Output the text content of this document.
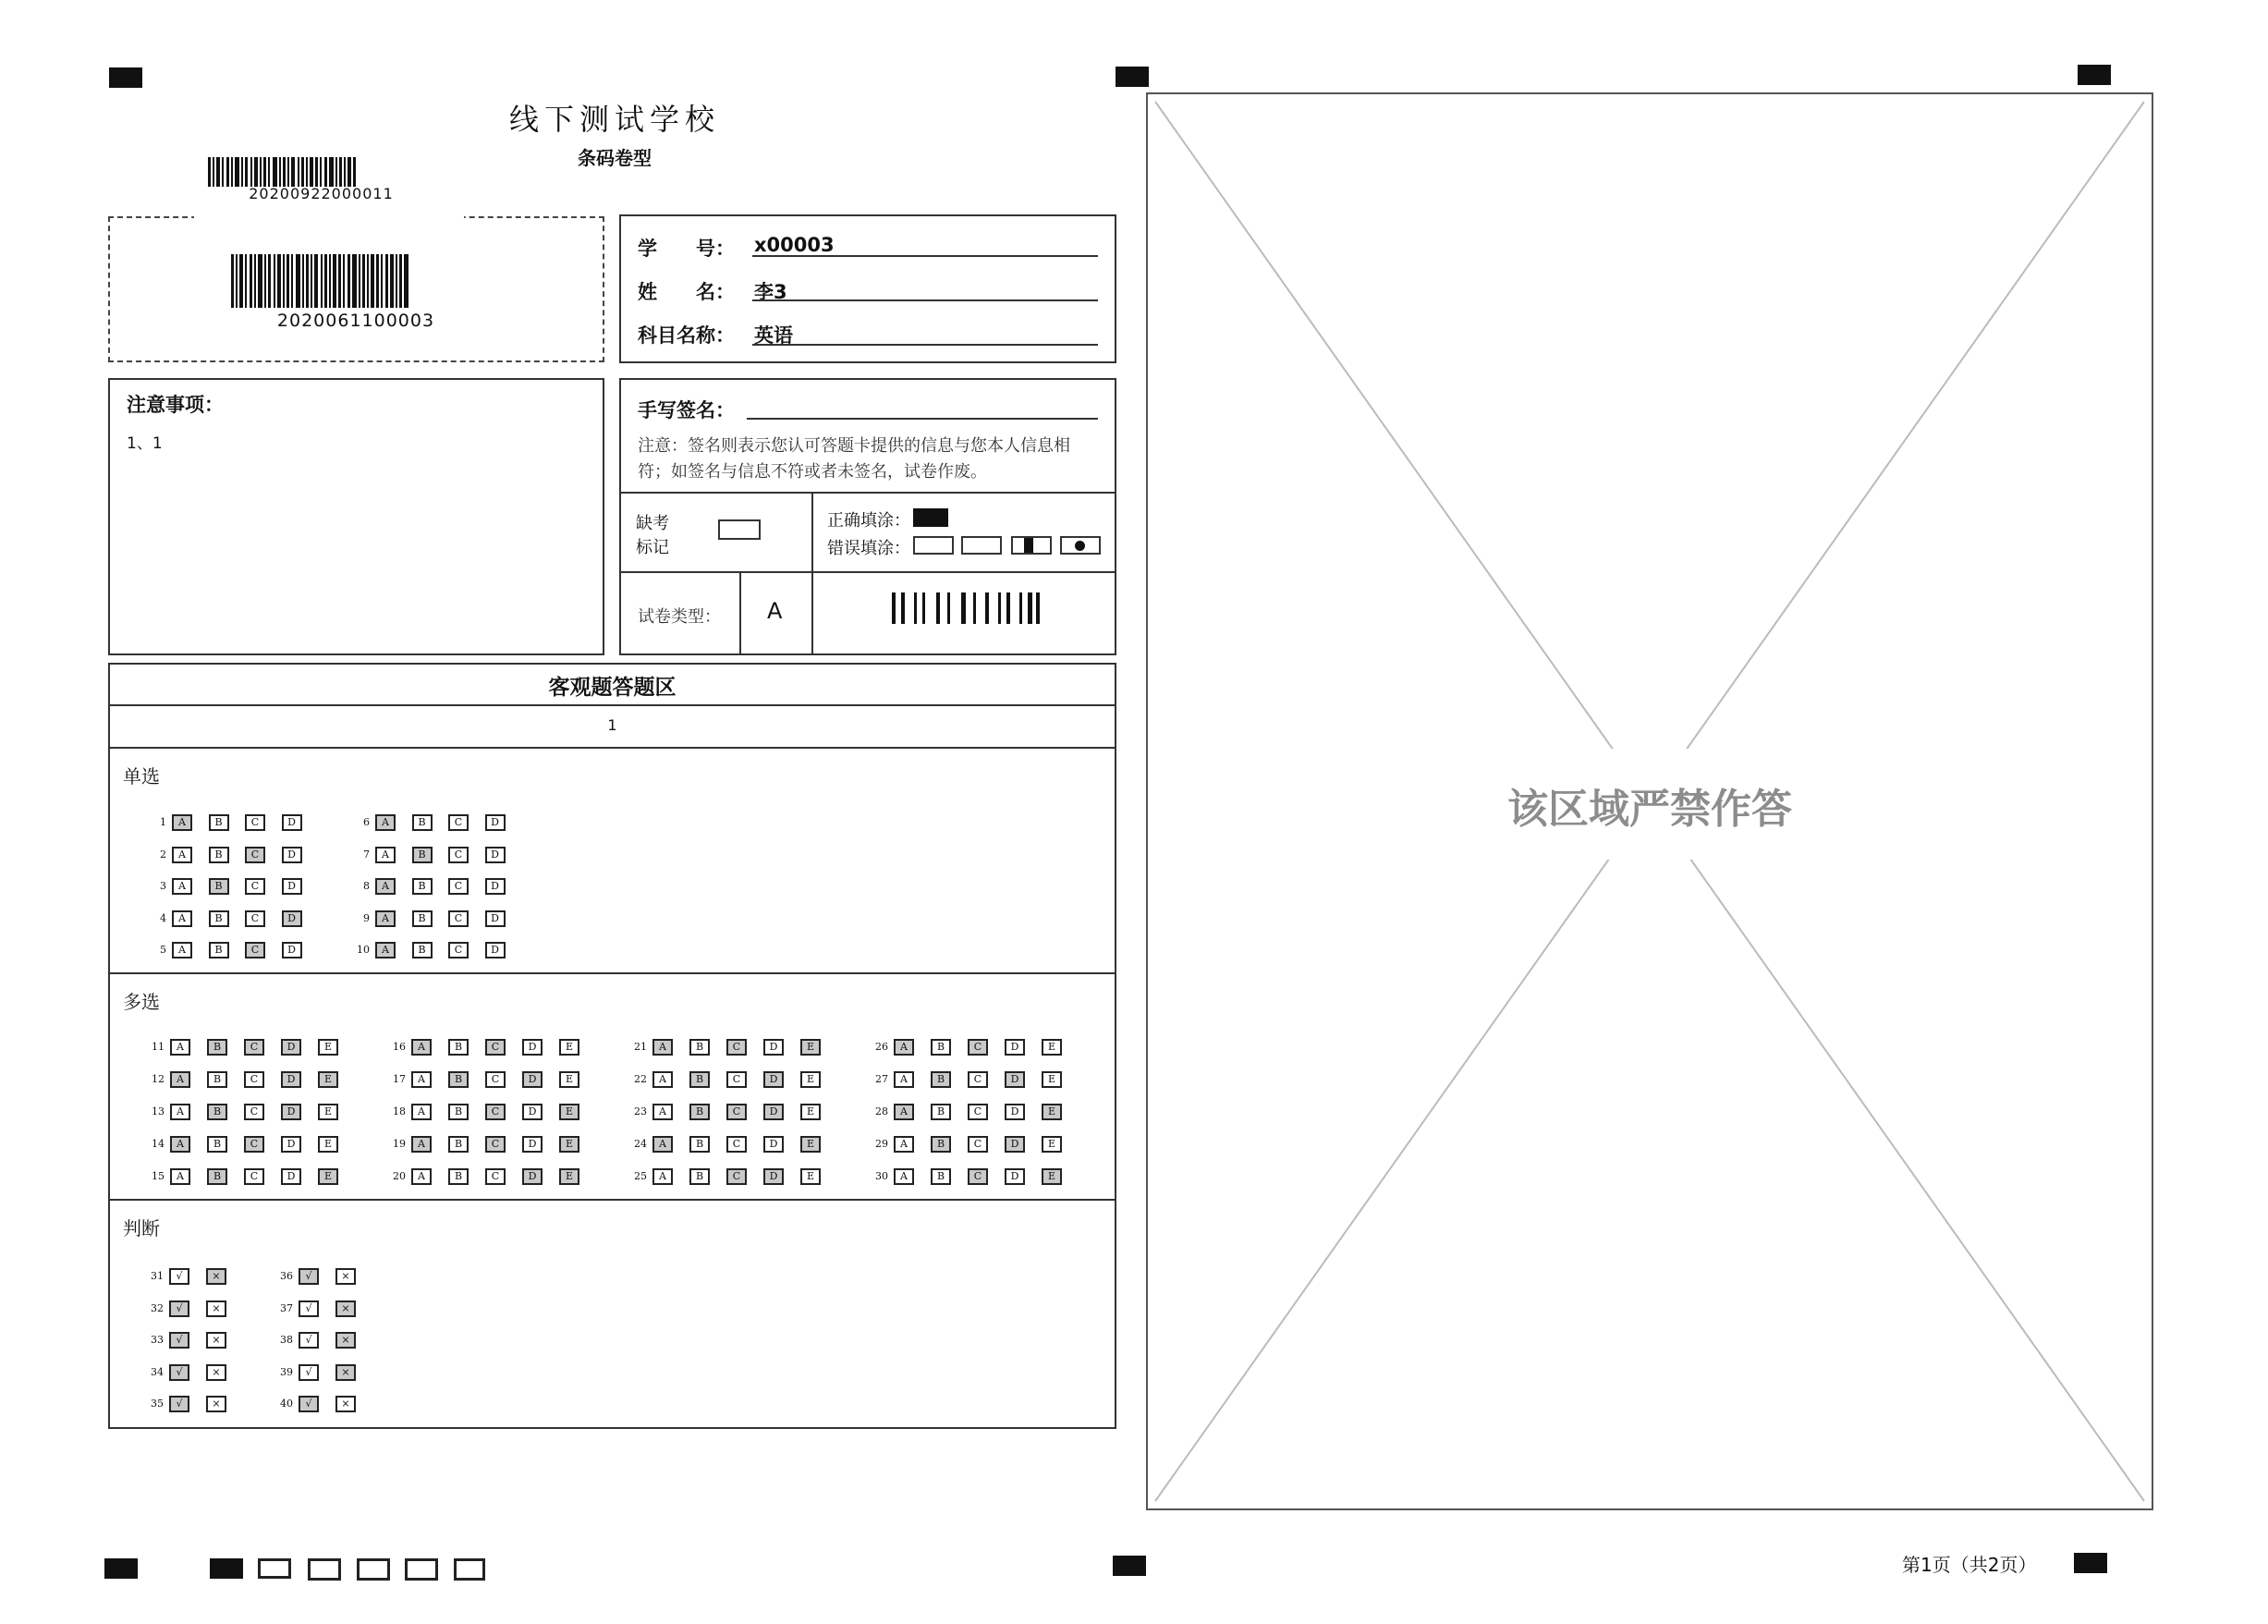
线下测试学校
条码卷型
20200922000011
2020061100003
学　　号： x00003
姓　　名： 李3
科目名称： 英语
注意事项：
1、1
手写签名：
注意：签名则表示您认可答题卡提供的信息与您本人信息相
符；如签名与信息不符或者未签名，试卷作废。
缺考
标记
正确填涂：
错误填涂：
试卷类型： A
客观题答题区
1
单选
1	A	B	C	D
2	A	B	C	D
3	A	B	C	D
4	A	B	C	D
5	A	B	C	D
6	A	B	C	D
7	A	B	C	D
8	A	B	C	D
9	A	B	C	D
10	A	B	C	D
多选
11	A	B	C	D	E
12	A	B	C	D	E
13	A	B	C	D	E
14	A	B	C	D	E
15	A	B	C	D	E
16	A	B	C	D	E
17	A	B	C	D	E
18	A	B	C	D	E
19	A	B	C	D	E
20	A	B	C	D	E
21	A	B	C	D	E
22	A	B	C	D	E
23	A	B	C	D	E
24	A	B	C	D	E
25	A	B	C	D	E
26	A	B	C	D	E
27	A	B	C	D	E
28	A	B	C	D	E
29	A	B	C	D	E
30	A	B	C	D	E
判断
31	√	×
32	√	×
33	√	×
34	√	×
35	√	×
36	√	×
37	√	×
38	√	×
39	√	×
40	√	×
该区域严禁作答
第1页（共2页）
